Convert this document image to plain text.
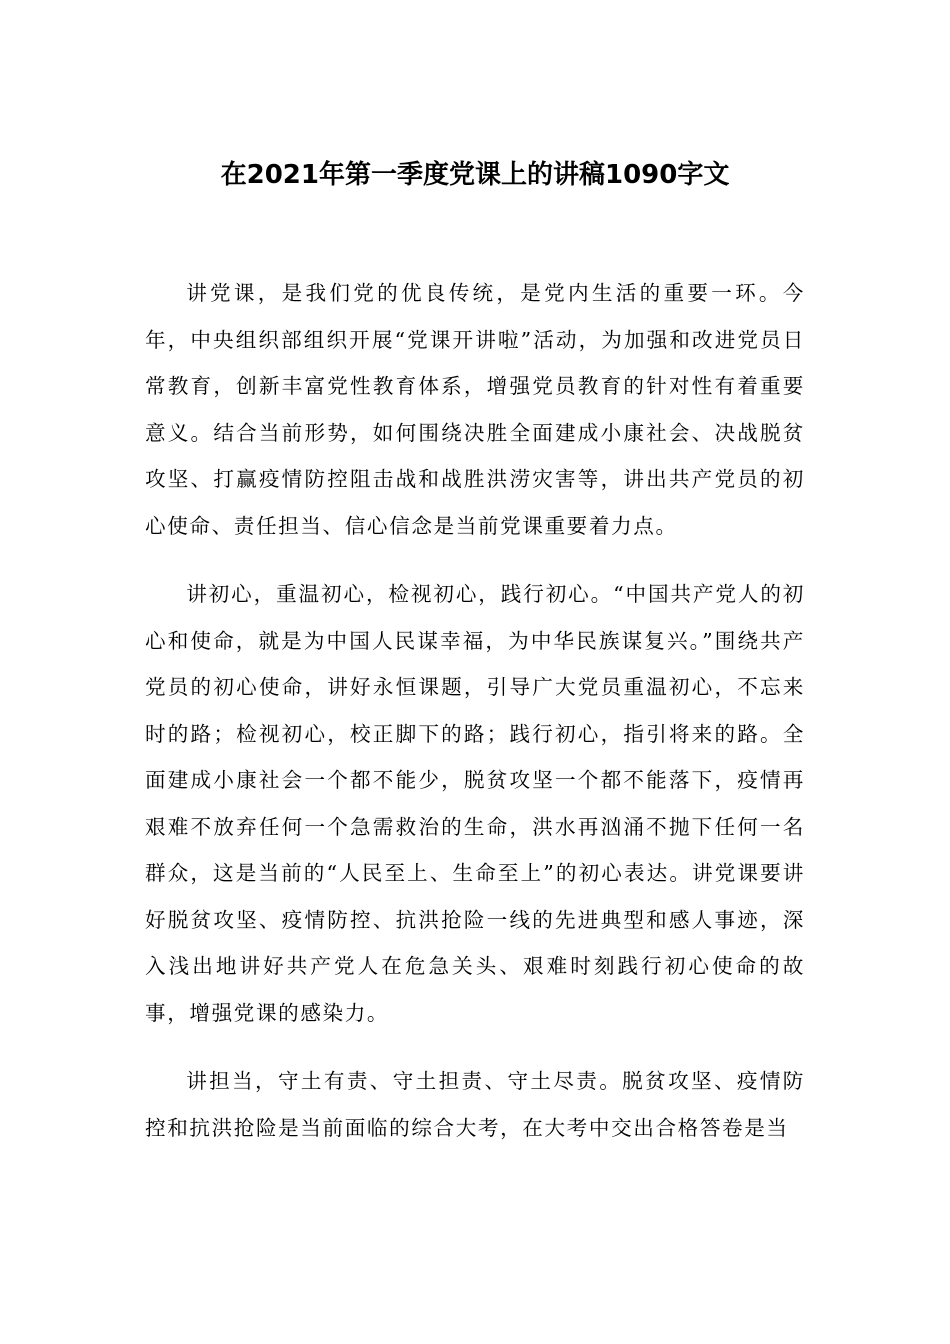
在2021年第一季度党课上的讲稿1090字文

讲党课，是我们党的优良传统，是党内生活的重要一环。今年，中央组织部组织开展“党课开讲啦”活动，为加强和改进党员日常教育，创新丰富党性教育体系，增强党员教育的针对性有着重要意义。结合当前形势，如何围绕决胜全面建成小康社会、决战脱贫攻坚、打赢疫情防控阻击战和战胜洪涝灾害等，讲出共产党员的初心使命、责任担当、信心信念是当前党课重要着力点。

讲初心，重温初心，检视初心，践行初心。“中国共产党人的初心和使命，就是为中国人民谋幸福，为中华民族谋复兴。”围绕共产党员的初心使命，讲好永恒课题，引导广大党员重温初心，不忘来时的路；检视初心，校正脚下的路；践行初心，指引将来的路。全面建成小康社会一个都不能少，脱贫攻坚一个都不能落下，疫情再艰难不放弃任何一个急需救治的生命，洪水再汹涌不抛下任何一名群众，这是当前的“人民至上、生命至上”的初心表达。讲党课要讲好脱贫攻坚、疫情防控、抗洪抢险一线的先进典型和感人事迹，深入浅出地讲好共产党人在危急关头、艰难时刻践行初心使命的故事，增强党课的感染力。

讲担当，守土有责、守土担责、守土尽责。脱贫攻坚、疫情防控和抗洪抢险是当前面临的综合大考，在大考中交出合格答卷是当
